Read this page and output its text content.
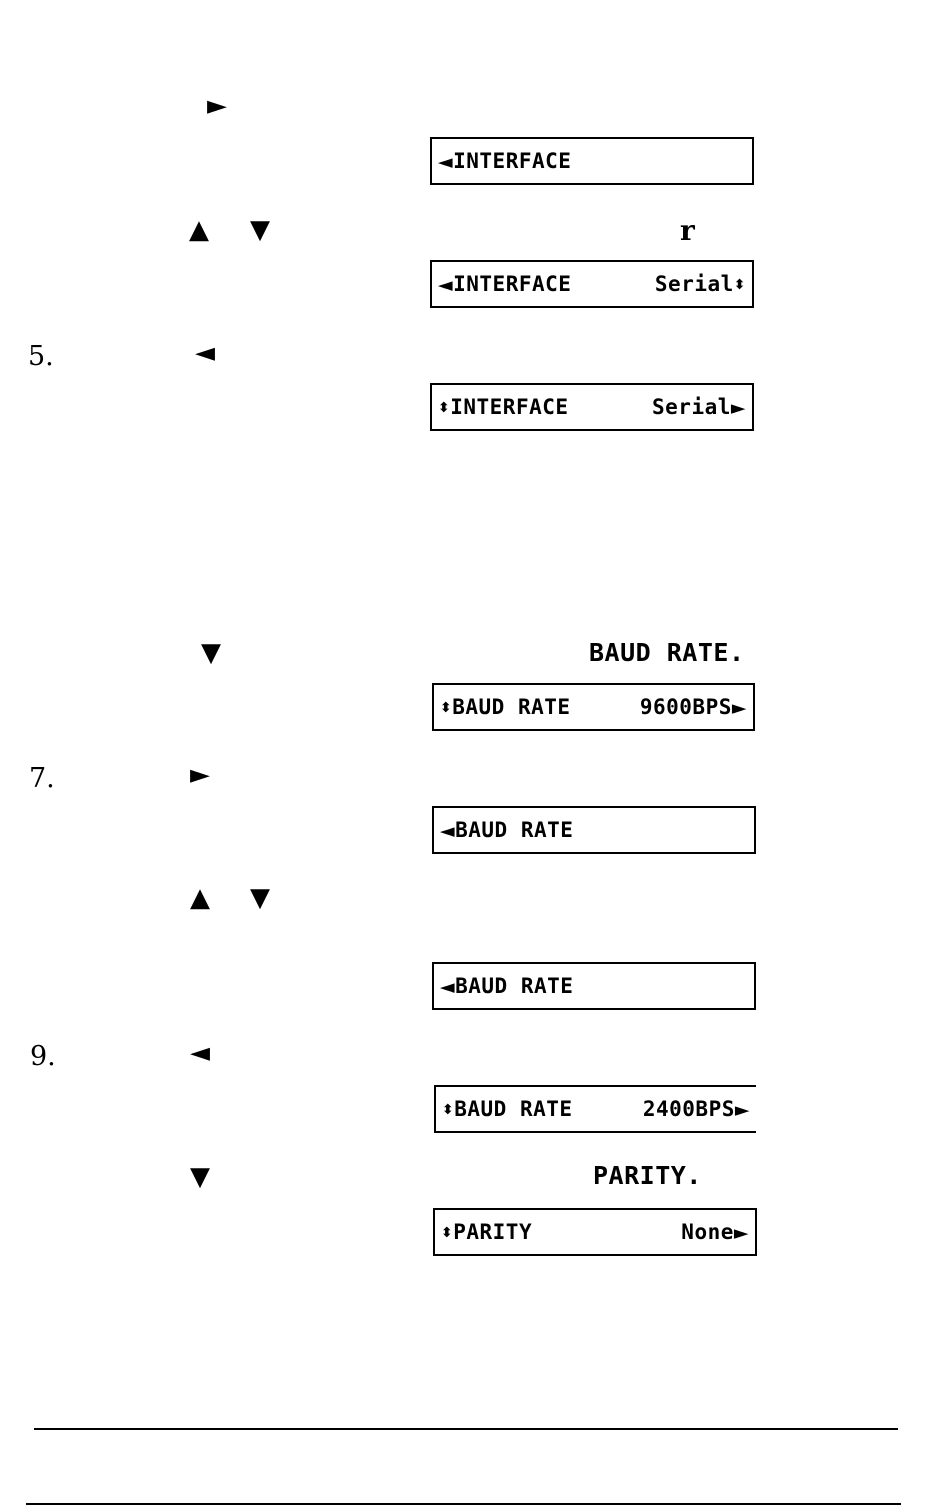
►
◄INTERFACE
▲ ▼	r
◄INTERFACE	Serial⬍
5.	◄
⬍INTERFACE	Serial►
▼	BAUD RATE.
⬍BAUD RATE	9600BPS►
7.	►
◄BAUD RATE
▲ ▼
◄BAUD RATE
9.	◄
⬍BAUD RATE	2400BPS►
▼	PARITY.
⬍PARITY	None►
